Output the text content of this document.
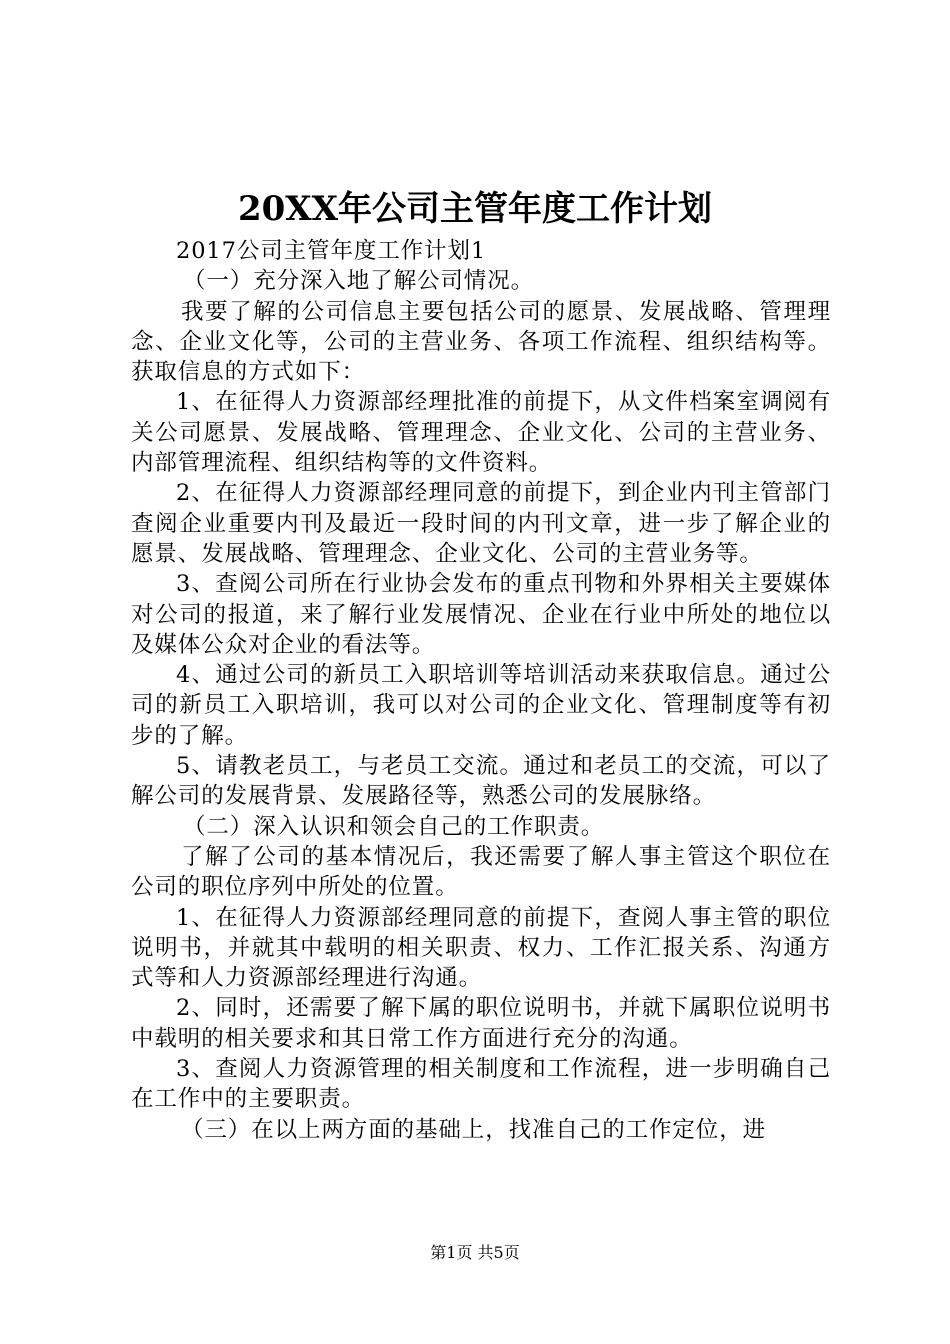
20XX年公司主管年度工作计划

2017公司主管年度工作计划1

（一）充分深入地了解公司情况。

我要了解的公司信息主要包括公司的愿景、发展战略、管理理念、企业文化等，公司的主营业务、各项工作流程、组织结构等。获取信息的方式如下：

1、在征得人力资源部经理批准的前提下，从文件档案室调阅有关公司愿景、发展战略、管理理念、企业文化、公司的主营业务、内部管理流程、组织结构等的文件资料。

2、在征得人力资源部经理同意的前提下，到企业内刊主管部门查阅企业重要内刊及最近一段时间的内刊文章，进一步了解企业的愿景、发展战略、管理理念、企业文化、公司的主营业务等。

3、查阅公司所在行业协会发布的重点刊物和外界相关主要媒体对公司的报道，来了解行业发展情况、企业在行业中所处的地位以及媒体公众对企业的看法等。

4、通过公司的新员工入职培训等培训活动来获取信息。通过公司的新员工入职培训，我可以对公司的企业文化、管理制度等有初步的了解。

5、请教老员工，与老员工交流。通过和老员工的交流，可以了解公司的发展背景、发展路径等，熟悉公司的发展脉络。

（二）深入认识和领会自己的工作职责。

了解了公司的基本情况后，我还需要了解人事主管这个职位在公司的职位序列中所处的位置。

1、在征得人力资源部经理同意的前提下，查阅人事主管的职位说明书，并就其中载明的相关职责、权力、工作汇报关系、沟通方式等和人力资源部经理进行沟通。

2、同时，还需要了解下属的职位说明书，并就下属职位说明书中载明的相关要求和其日常工作方面进行充分的沟通。

3、查阅人力资源管理的相关制度和工作流程，进一步明确自己在工作中的主要职责。

（三）在以上两方面的基础上，找准自己的工作定位，进

第1页 共5页
